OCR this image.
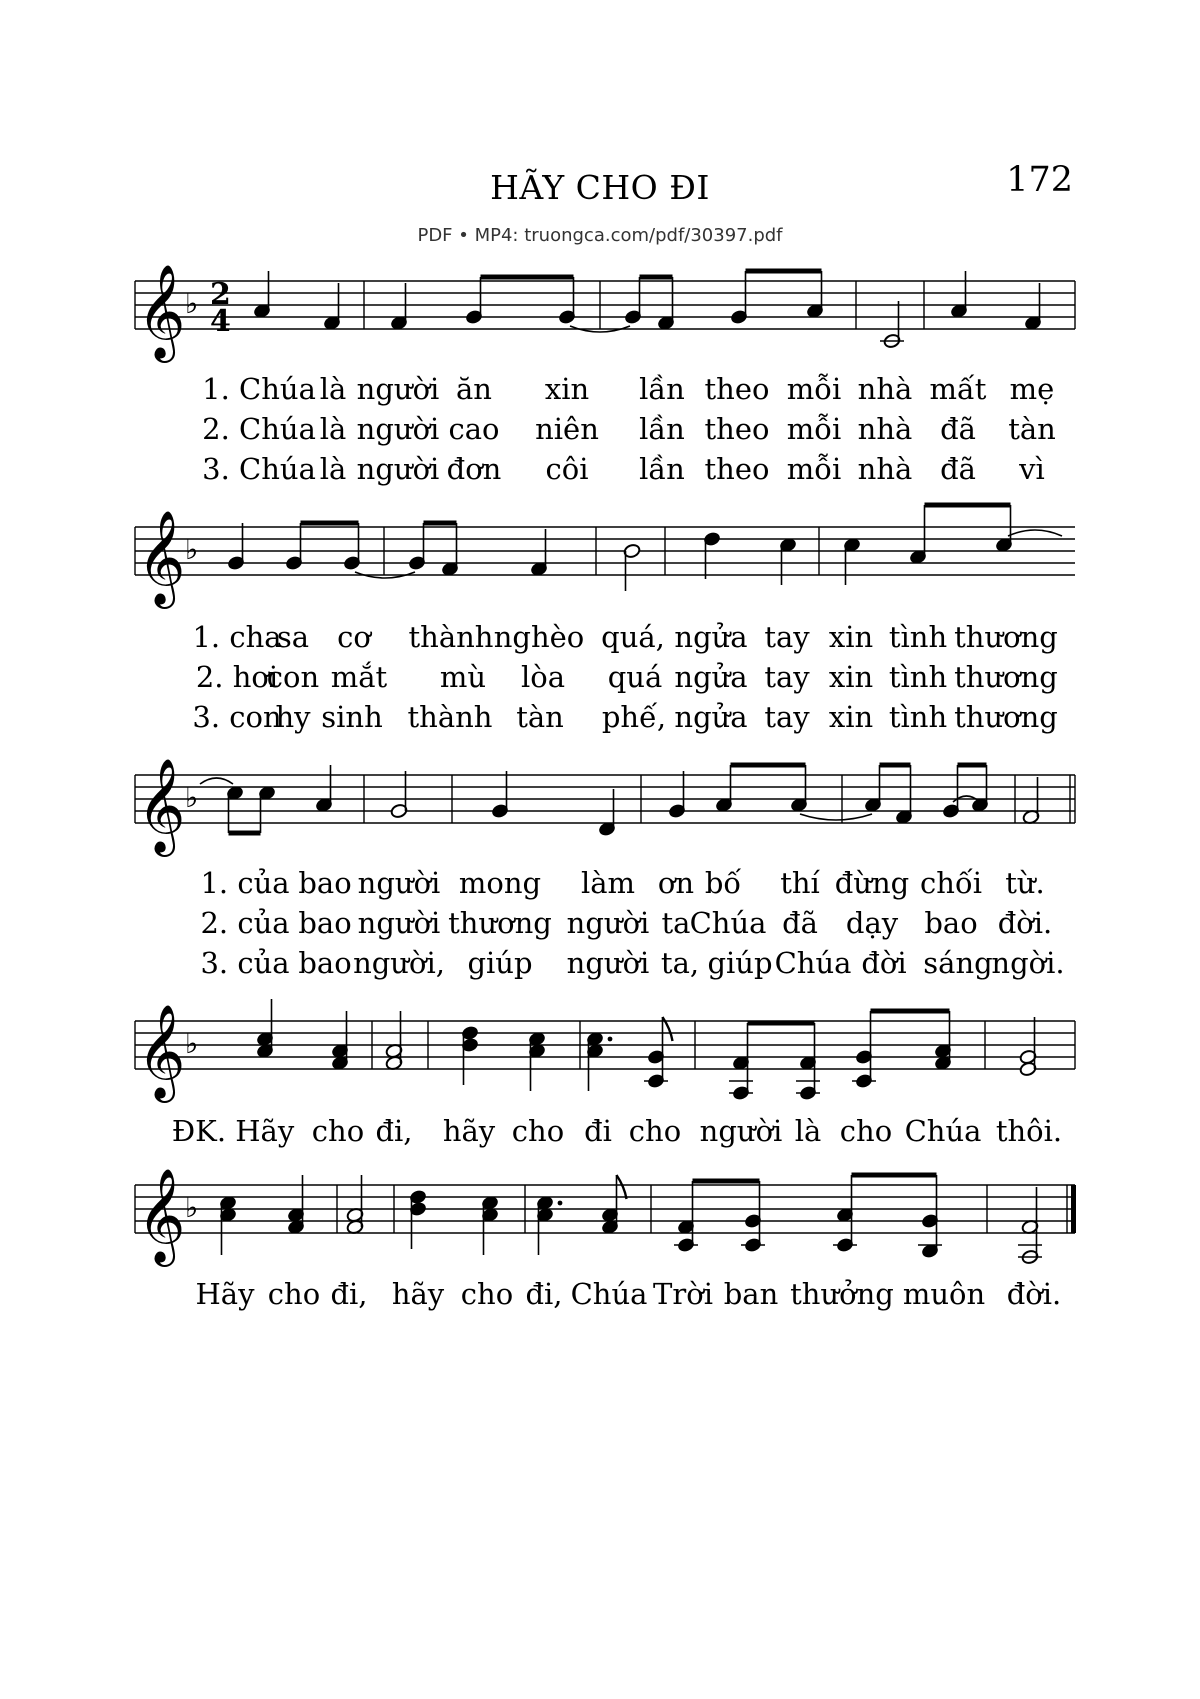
HÃY CHO ĐI	172
PDF • MP4: truongca.com/pdf/30397.pdf
𝄞 ♭ 2
4
𝄞 ♭
𝄞 ♭
𝄞 ♭
𝄞 ♭
1. Chúa là người ăn xin lần theo mỗi nhà mất mẹ
2. Chúa là người cao niên lần theo mỗi nhà đã tàn
3. Chúa là người đơn côi lần theo mỗi nhà đã vì
1. cha
sa cơ thành nghèo quá, ngửa tay xin tình thương
2. hơi
con mắt mù lòa quá ngửa tay xin tình thương
3. con
hy sinh thành tàn phế, ngửa tay xin tình thương
1. của bao người mong làm ơn bố thí đừng chối từ.
2. của bao người thương người ta Chúa đã dạy bao đời.
3. của bao người, giúp người ta, giúp Chúa đời sáng
ngời.
ĐK. Hãy cho đi, hãy cho đi cho người là cho Chúa thôi.
Hãy cho đi, hãy cho đi, Chúa Trời ban thưởng muôn đời.
